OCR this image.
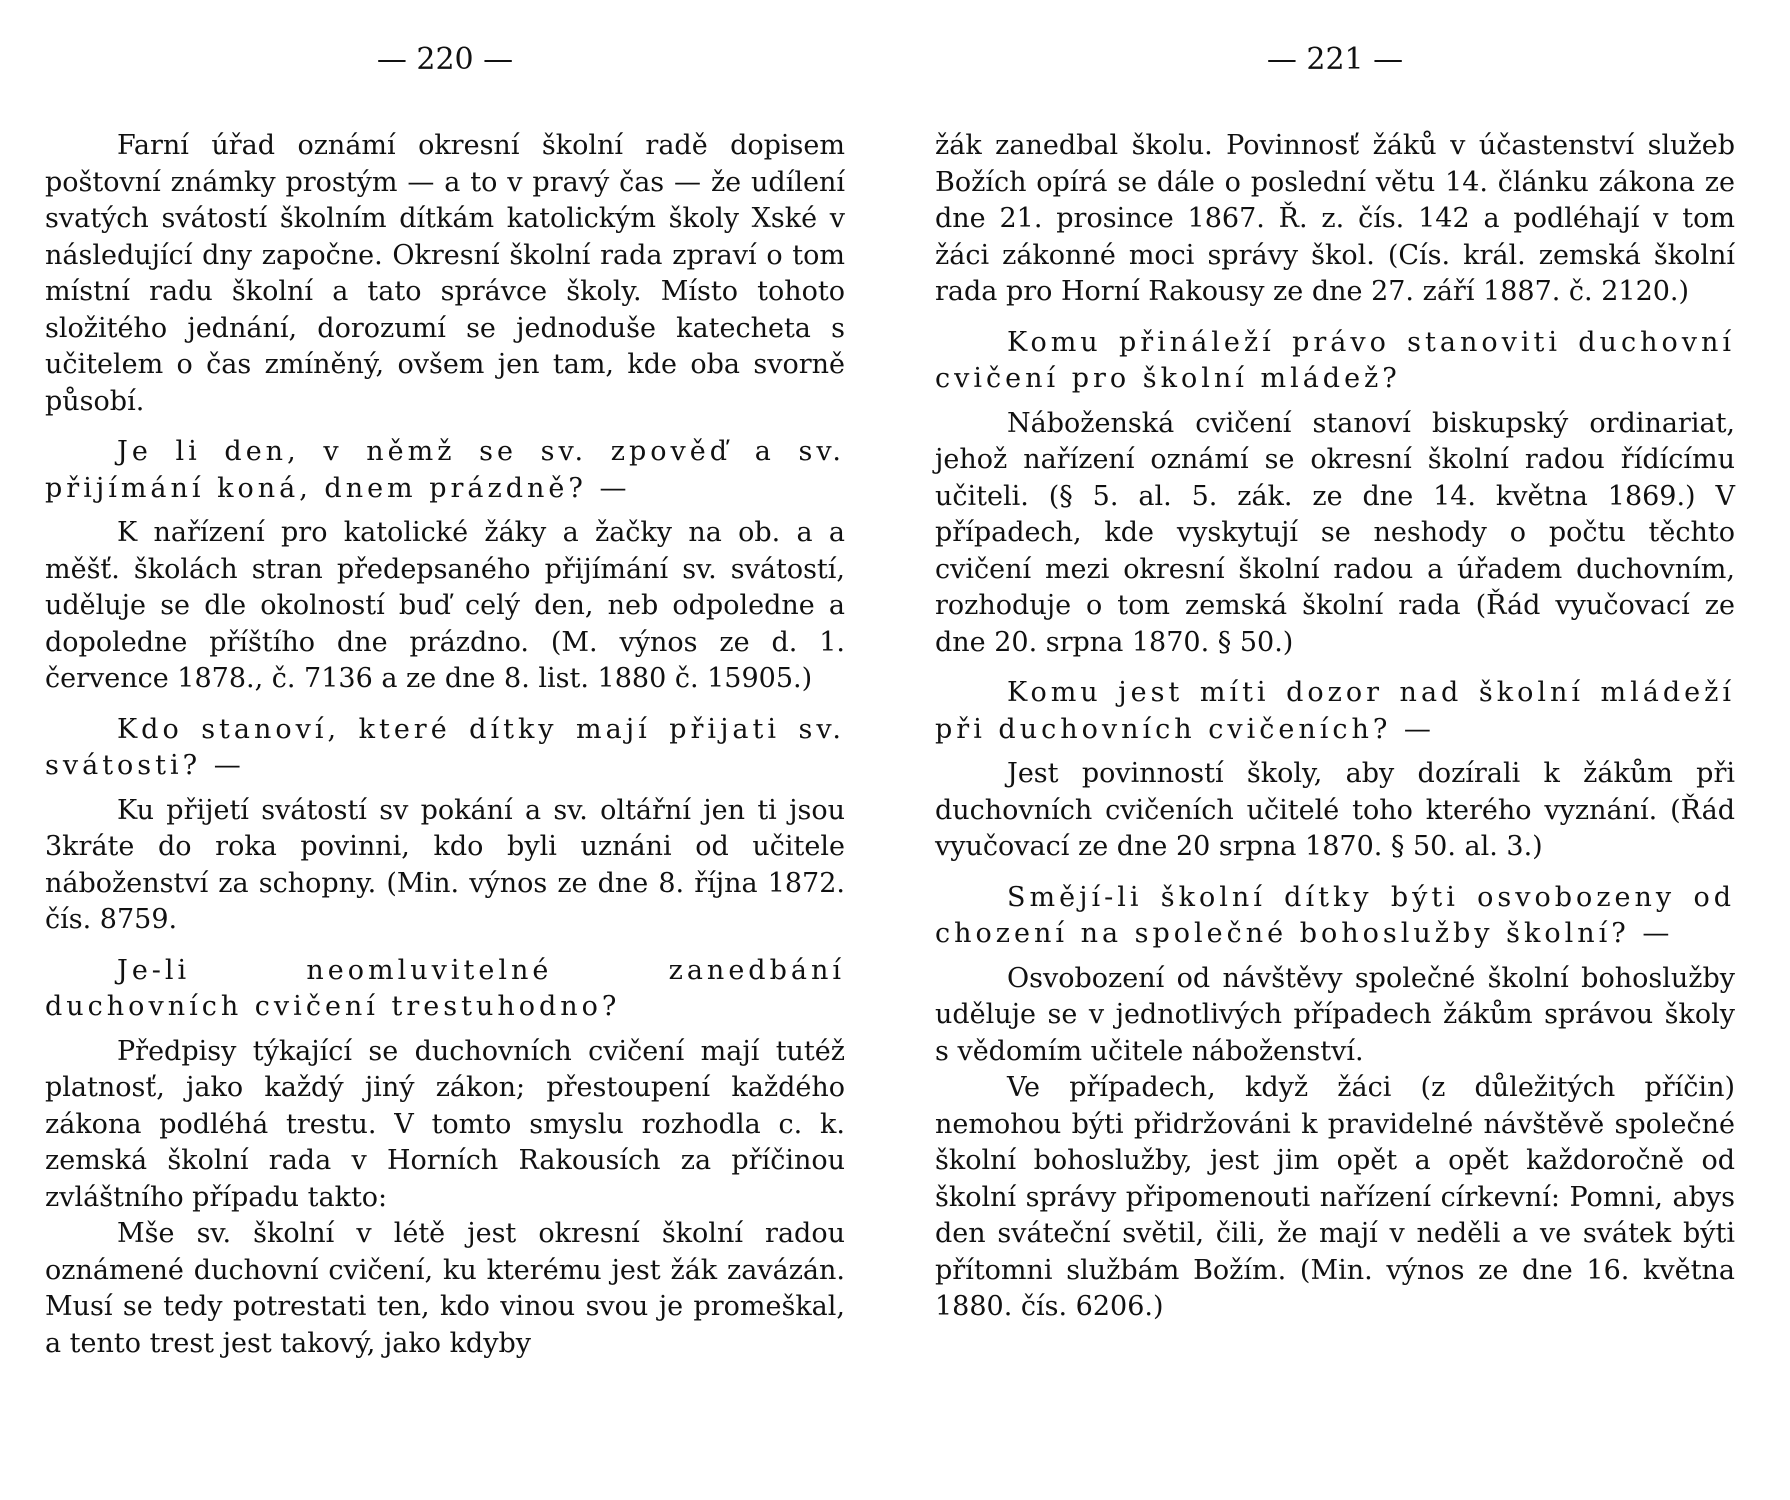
— 220 —

Farní úřad oznámí okresní školní radě dopisem poštovní známky prostým — a to v pravý čas — že udílení svatých svátostí školním dítkám katolickým školy Xské v následující dny započne. Okresní školní rada zpraví o tom místní radu školní a tato správce školy. Místo tohoto složitého jednání, dorozumí se jednoduše katecheta s učitelem o čas zmíněný, ovšem jen tam, kde oba svorně působí.

Je li den, v němž se sv. zpověď a sv. přijímání koná, dnem prázdně? —

K nařízení pro katolické žáky a žačky na ob. a a měšť. školách stran předepsaného přijímání sv. svátostí, uděluje se dle okolností buď celý den, neb odpoledne a dopoledne příštího dne prázdno. (M. výnos ze d. 1. července 1878., č. 7136 a ze dne 8. list. 1880 č. 15905.)

Kdo stanoví, které dítky mají přijati sv. svátosti? —

Ku přijetí svátostí sv pokání a sv. oltářní jen ti jsou 3kráte do roka povinni, kdo byli uznáni od učitele náboženství za schopny. (Min. výnos ze dne 8. října 1872. čís. 8759.

Je-li neomluvitelné zanedbání duchovních cvičení trestuhodno?

Předpisy týkající se duchovních cvičení mají tutéž platnosť, jako každý jiný zákon; přestoupení každého zákona podléhá trestu. V tomto smyslu rozhodla c. k. zemská školní rada v Horních Rakousích za příčinou zvláštního případu takto:

Mše sv. školní v létě jest okresní školní radou oznámené duchovní cvičení, ku kterému jest žák zavázán. Musí se tedy potrestati ten, kdo vinou svou je promeškal, a tento trest jest takový, jako kdyby

— 221 —

žák zanedbal školu. Povinnosť žáků v účastenství služeb Božích opírá se dále o poslední větu 14. článku zákona ze dne 21. prosince 1867. Ř. z. čís. 142 a podléhají v tom žáci zákonné moci správy škol. (Cís. král. zemská školní rada pro Horní Rakousy ze dne 27. září 1887. č. 2120.)

Komu přináleží právo stanoviti duchovní cvičení pro školní mládež?

Náboženská cvičení stanoví biskupský ordinariat, jehož nařízení oznámí se okresní školní radou řídícímu učiteli. (§ 5. al. 5. zák. ze dne 14. května 1869.) V případech, kde vyskytují se neshody o počtu těchto cvičení mezi okresní školní radou a úřadem duchovním, rozhoduje o tom zemská školní rada (Řád vyučovací ze dne 20. srpna 1870. § 50.)

Komu jest míti dozor nad školní mládeží při duchovních cvičeních? —

Jest povinností školy, aby dozírali k žákům při duchovních cvičeních učitelé toho kterého vyznání. (Řád vyučovací ze dne 20 srpna 1870. § 50. al. 3.)

Smějí-li školní dítky býti osvobozeny od chození na společné bohoslužby školní? —

Osvobození od návštěvy společné školní bohoslužby uděluje se v jednotlivých případech žákům správou školy s vědomím učitele náboženství.

Ve případech, když žáci (z důležitých příčin) nemohou býti přidržováni k pravidelné návštěvě společné školní bohoslužby, jest jim opět a opět každoročně od školní správy připomenouti nařízení církevní: Pomni, abys den sváteční světil, čili, že mají v neděli a ve svátek býti přítomni službám Božím. (Min. výnos ze dne 16. května 1880. čís. 6206.)
